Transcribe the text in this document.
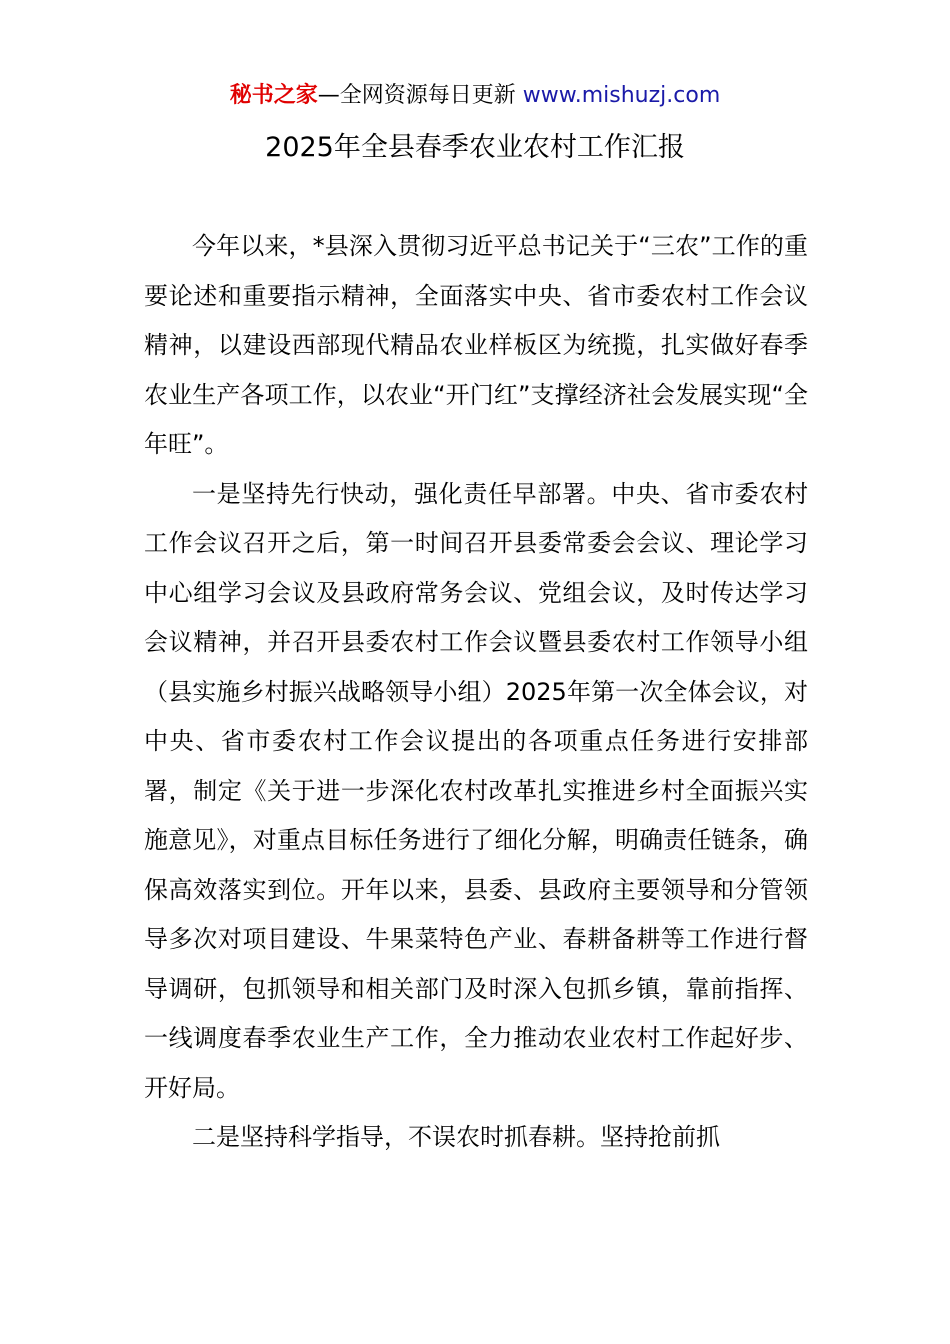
秘书之家—全网资源每日更新 www.mishuzj.com
2025年全县春季农业农村工作汇报

今年以来，*县深入贯彻习近平总书记关于“三农”工作的重要论述和重要指示精神，全面落实中央、省市委农村工作会议精神，以建设西部现代精品农业样板区为统揽，扎实做好春季农业生产各项工作，以农业“开门红”支撑经济社会发展实现“全年旺”。

一是坚持先行快动，强化责任早部署。中央、省市委农村工作会议召开之后，第一时间召开县委常委会会议、理论学习中心组学习会议及县政府常务会议、党组会议，及时传达学习会议精神，并召开县委农村工作会议暨县委农村工作领导小组（县实施乡村振兴战略领导小组）2025年第一次全体会议，对中央、省市委农村工作会议提出的各项重点任务进行安排部署，制定《关于进一步深化农村改革扎实推进乡村全面振兴实施意见》，对重点目标任务进行了细化分解，明确责任链条，确保高效落实到位。开年以来，县委、县政府主要领导和分管领导多次对项目建设、牛果菜特色产业、春耕备耕等工作进行督导调研，包抓领导和相关部门及时深入包抓乡镇，靠前指挥、一线调度春季农业生产工作，全力推动农业农村工作起好步、开好局。

二是坚持科学指导，不误农时抓春耕。坚持抢前抓
